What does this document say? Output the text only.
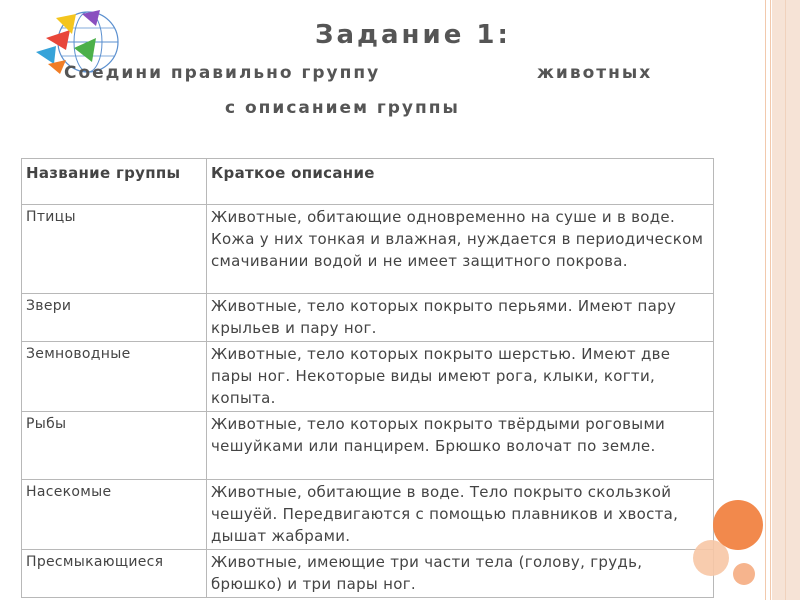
Задание 1:
Cоедини правильно группу	животных
с описанием группы
Название группы	Краткое описание
Птицы	Животные, обитающие одновременно на суше и в воде. Кожа у них тонкая и влажная, нуждается в периодическом смачивании водой и не имеет защитного покрова.
Звери	Животные, тело которых покрыто перьями. Имеют пару крыльев и пару ног.
Земноводные	Животные, тело которых покрыто шерстью. Имеют две пары ног. Некоторые виды имеют рога, клыки, когти, копыта.
Рыбы	Животные, тело которых покрыто твёрдыми роговыми чешуйками или панцирем. Брюшко волочат по земле.
Насекомые	Животные, обитающие в воде. Тело покрыто скользкой чешуёй. Передвигаются с помощью плавников и хвоста, дышат жабрами.
Пресмыкающиеся	Животные, имеющие три части тела (голову, грудь, брюшко) и три пары ног.
